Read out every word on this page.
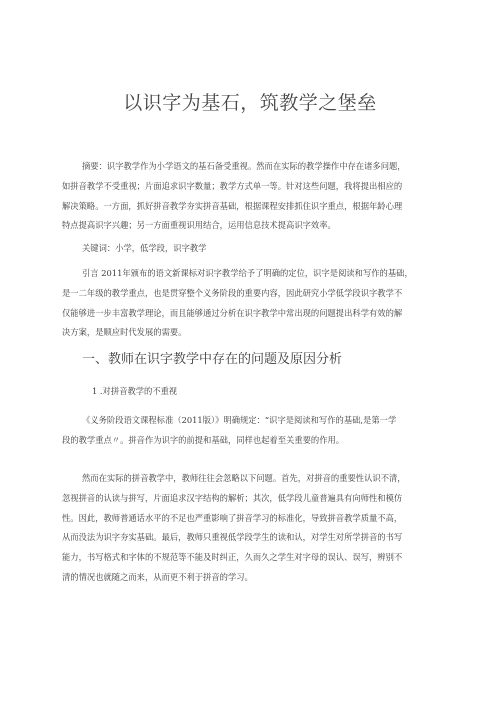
以识字为基石，筑教学之堡垒
摘要：识字教学作为小学语文的基石备受重视。然而在实际的教学操作中存在诸多问题，
如拼音教学不受重视；片面追求识字数量；教学方式单一等。针对这些问题，我将提出相应的
解决策略。一方面，抓好拼音教学夯实拼音基础，根据课程安排抓住识字重点，根据年龄心理
特点提高识字兴趣；另一方面重视识用结合，运用信息技术提高识字效率。
关键词：小学，低学段，识字教学
引言 2011年颁布的语文新课标对识字教学给予了明确的定位，识字是阅读和写作的基础，
是一二年级的教学重点，也是贯穿整个义务阶段的重要内容，因此研究小学低学段识字教学不
仅能够进一步丰富教学理论，而且能够通过分析在识字教学中常出现的问题提出科学有效的解
决方案，是顺应时代发展的需要。
一、教师在识字教学中存在的问题及原因分析
1 .对拼音教学的不重视
《义务阶段语文课程标准（2011版）》明确规定：“识字是阅读和写作的基础,是第一学
段的教学重点〃。拼音作为识字的前提和基础，同样也起着至关重要的作用。
然而在实际的拼音教学中，教师往往会忽略以下问题。首先，对拼音的重要性认识不清，
忽视拼音的认读与拼写，片面追求汉字结构的解析；其次，低学段儿童普遍具有向师性和模仿
性。因此，教师普通话水平的不足也严重影响了拼音学习的标准化，导致拼音教学质量不高，
从而没法为识字夯实基础。最后，教师只重视低学段学生的读和认，对学生对所学拼音的书写
能力，书写格式和字体的不规范等不能及时纠正，久而久之学生对字母的误认、误写，辨别不
清的情况也就随之而来，从而更不利于拼音的学习。
